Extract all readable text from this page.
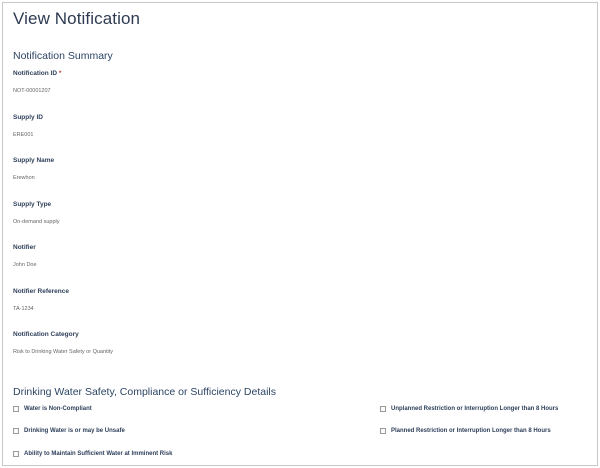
View Notification
Notification Summary
Notification ID *
NOT-00001207
Supply ID
ERE001
Supply Name
Erewhon
Supply Type
On-demand supply
Notifier
John Doe
Notifier Reference
TA-1234
Notification Category
Risk to Drinking Water Safety or Quantity
Drinking Water Safety, Compliance or Sufficiency Details
Water is Non-Compliant	Unplanned Restriction or Interruption Longer than 8 Hours
Drinking Water is or may be Unsafe	Planned Restriction or Interruption Longer than 8 Hours
Ability to Maintain Sufficient Water at Imminent Risk
